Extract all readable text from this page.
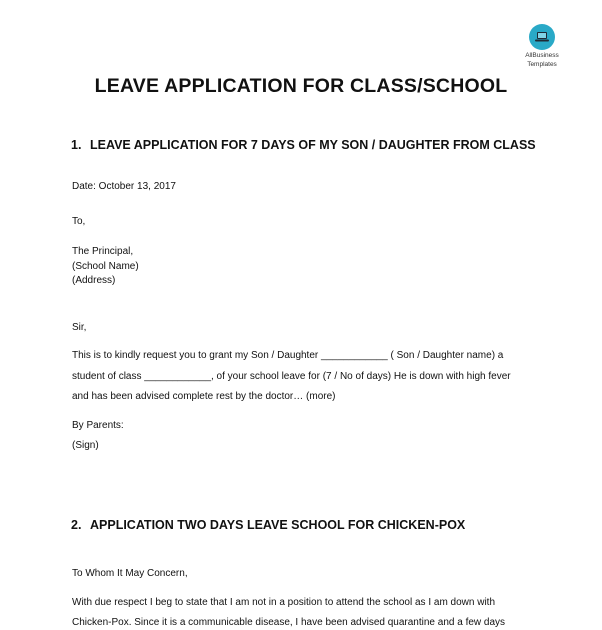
AllBusiness
Templates
LEAVE APPLICATION FOR CLASS/SCHOOL
1. LEAVE APPLICATION FOR 7 DAYS OF MY SON / DAUGHTER FROM CLASS
Date: October 13, 2017
To,
The Principal,
(School Name)
(Address)
Sir,
This is to kindly request you to grant my Son / Daughter ____________ ( Son / Daughter name) a
student of class ____________, of your school leave for (7 / No of days) He is down with high fever
and has been advised complete rest by the doctor… (more)
By Parents:
(Sign)
2. APPLICATION TWO DAYS LEAVE SCHOOL FOR CHICKEN-POX
To Whom It May Concern,
With due respect I beg to state that I am not in a position to attend the school as I am down with
Chicken-Pox. Since it is a communicable disease, I have been advised quarantine and a few days
